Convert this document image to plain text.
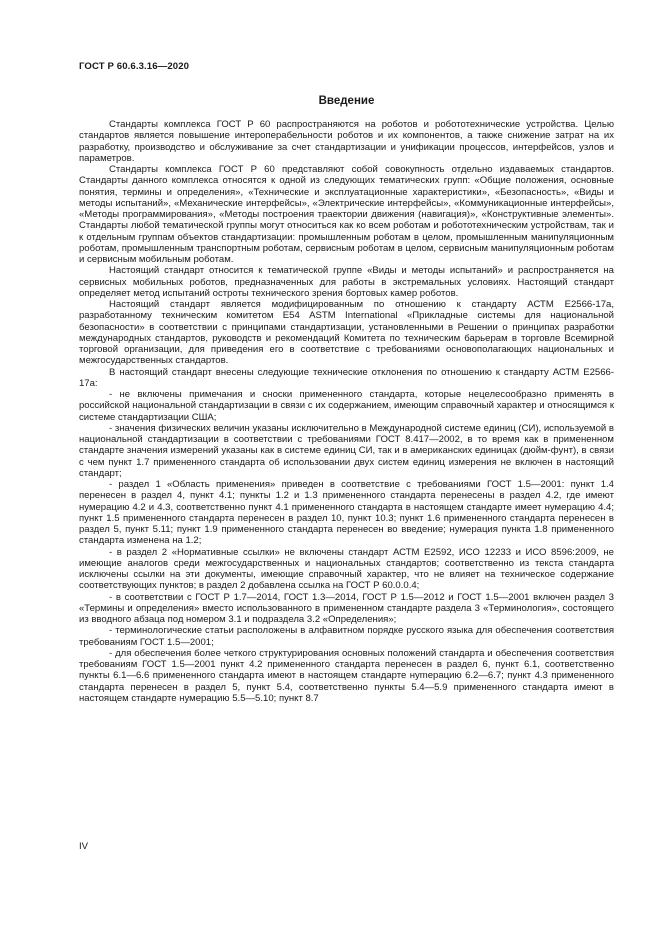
ГОСТ Р 60.6.3.16—2020
Введение

Стандарты комплекса ГОСТ Р 60 распространяются на роботов и робототехнические устройства. Целью стандартов является повышение интероперабельности роботов и их компонентов, а также снижение затрат на их разработку, производство и обслуживание за счет стандартизации и унификации процессов, интерфейсов, узлов и параметров.

Стандарты комплекса ГОСТ Р 60 представляют собой совокупность отдельно издаваемых стандартов. Стандарты данного комплекса относятся к одной из следующих тематических групп: «Общие положения, основные понятия, термины и определения», «Технические и эксплуатационные характеристики», «Безопасность», «Виды и методы испытаний», «Механические интерфейсы», «Электрические интерфейсы», «Коммуникационные интерфейсы», «Методы программирования», «Методы построения траектории движения (навигация)», «Конструктивные элементы». Стандарты любой тематической группы могут относиться как ко всем роботам и робототехническим устройствам, так и к отдельным группам объектов стандартизации: промышленным роботам в целом, промышленным манипуляционным роботам, промышленным транспортным роботам, сервисным роботам в целом, сервисным манипуляционным роботам и сервисным мобильным роботам.

Настоящий стандарт относится к тематической группе «Виды и методы испытаний» и распространяется на сервисных мобильных роботов, предназначенных для работы в экстремальных условиях. Настоящий стандарт определяет метод испытаний остроты технического зрения бортовых камер роботов.

Настоящий стандарт является модифицированным по отношению к стандарту АСТМ Е2566-17а, разработанному техническим комитетом Е54 ASTM International «Прикладные системы для национальной безопасности» в соответствии с принципами стандартизации, установленными в Решении о принципах разработки международных стандартов, руководств и рекомендаций Комитета по техническим барьерам в торговле Всемирной торговой организации, для приведения его в соответствие с требованиями основополагающих национальных и межгосударственных стандартов.

В настоящий стандарт внесены следующие технические отклонения по отношению к стандарту АСТМ Е2566-17а:

- не включены примечания и сноски примененного стандарта, которые нецелесообразно применять в российской национальной стандартизации в связи с их содержанием, имеющим справочный характер и относящимся к системе стандартизации США;

- значения физических величин указаны исключительно в Международной системе единиц (СИ), используемой в национальной стандартизации в соответствии с требованиями ГОСТ 8.417—2002, в то время как в примененном стандарте значения измерений указаны как в системе единиц СИ, так и в американских единицах (дюйм-фунт), в связи с чем пункт 1.7 примененного стандарта об использовании двух систем единиц измерения не включен в настоящий стандарт;

- раздел 1 «Область применения» приведен в соответствие с требованиями ГОСТ 1.5—2001: пункт 1.4 перенесен в раздел 4, пункт 4.1; пункты 1.2 и 1.3 примененного стандарта перенесены в раздел 4.2, где имеют нумерацию 4.2 и 4.3, соответственно пункт 4.1 примененного стандарта в настоящем стандарте имеет нумерацию 4.4; пункт 1.5 примененного стандарта перенесен в раздел 10, пункт 10.3; пункт 1.6 примененного стандарта перенесен в раздел 5, пункт 5.11; пункт 1.9 примененного стандарта перенесен во введение; нумерация пункта 1.8 примененного стандарта изменена на 1.2;

- в раздел 2 «Нормативные ссылки» не включены стандарт АСТМ Е2592, ИСО 12233 и ИСО 8596:2009, не имеющие аналогов среди межгосударственных и национальных стандартов; соответственно из текста стандарта исключены ссылки на эти документы, имеющие справочный характер, что не влияет на техническое содержание соответствующих пунктов; в раздел 2 добавлена ссылка на ГОСТ Р 60.0.0.4;

- в соответствии с ГОСТ Р 1.7—2014, ГОСТ 1.3—2014, ГОСТ Р 1.5—2012 и ГОСТ 1.5—2001 включен раздел 3 «Термины и определения» вместо использованного в примененном стандарте раздела 3 «Терминология», состоящего из вводного абзаца под номером 3.1 и подраздела 3.2 «Определения»;

- терминологические статьи расположены в алфавитном порядке русского языка для обеспечения соответствия требованиям ГОСТ 1.5—2001;

- для обеспечения более четкого структурирования основных положений стандарта и обеспечения соответствия требованиям ГОСТ 1.5—2001 пункт 4.2 примененного стандарта перенесен в раздел 6, пункт 6.1, соответственно пункты 6.1—6.6 примененного стандарта имеют в настоящем стандарте нуmерацию 6.2—6.7; пункт 4.3 примененного стандарта перенесен в раздел 5, пункт 5.4, соответственно пункты 5.4—5.9 примененного стандарта имеют в настоящем стандарте нумерацию 5.5—5.10; пункт 8.7

IV
